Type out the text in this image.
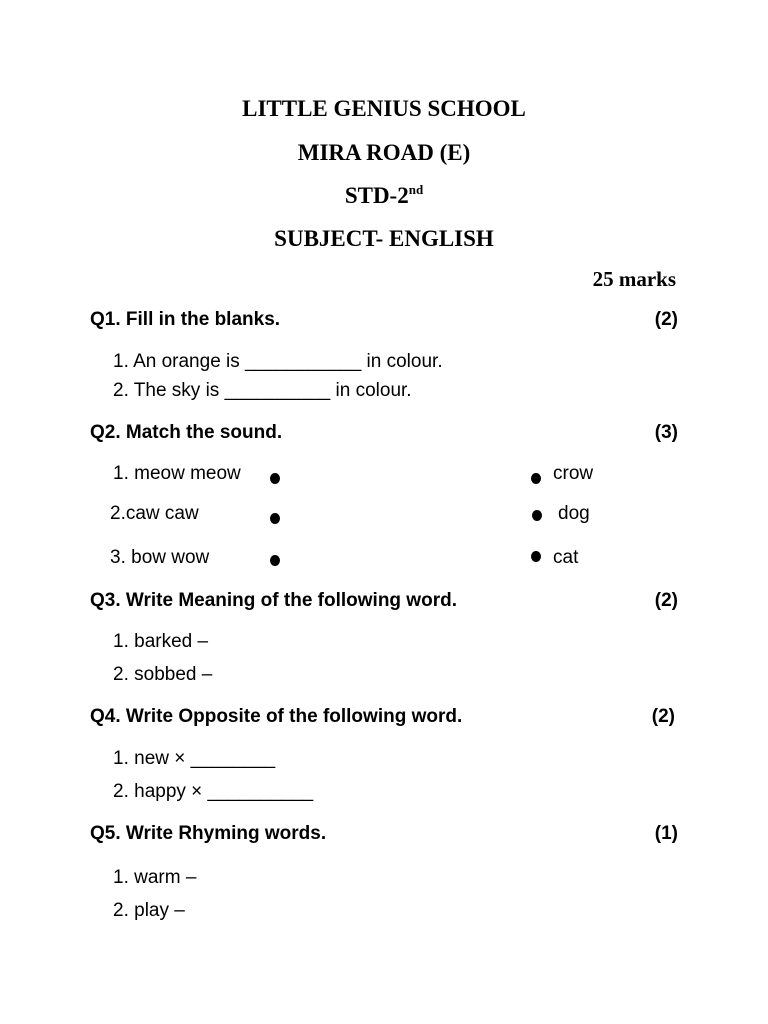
LITTLE GENIUS SCHOOL
MIRA ROAD (E)
STD-2nd
SUBJECT- ENGLISH
25 marks
Q1. Fill in the blanks.	(2)
1. An orange is ___________ in colour.
2. The sky is __________ in colour.
Q2. Match the sound.	(3)
1. meow meow	crow
2.caw caw	dog
3. bow wow	cat
Q3. Write Meaning of the following word.	(2)
1. barked –
2. sobbed –
Q4. Write Opposite of the following word.	(2)
1. new × ________
2. happy × __________
Q5. Write Rhyming words.	(1)
1. warm –
2. play –
